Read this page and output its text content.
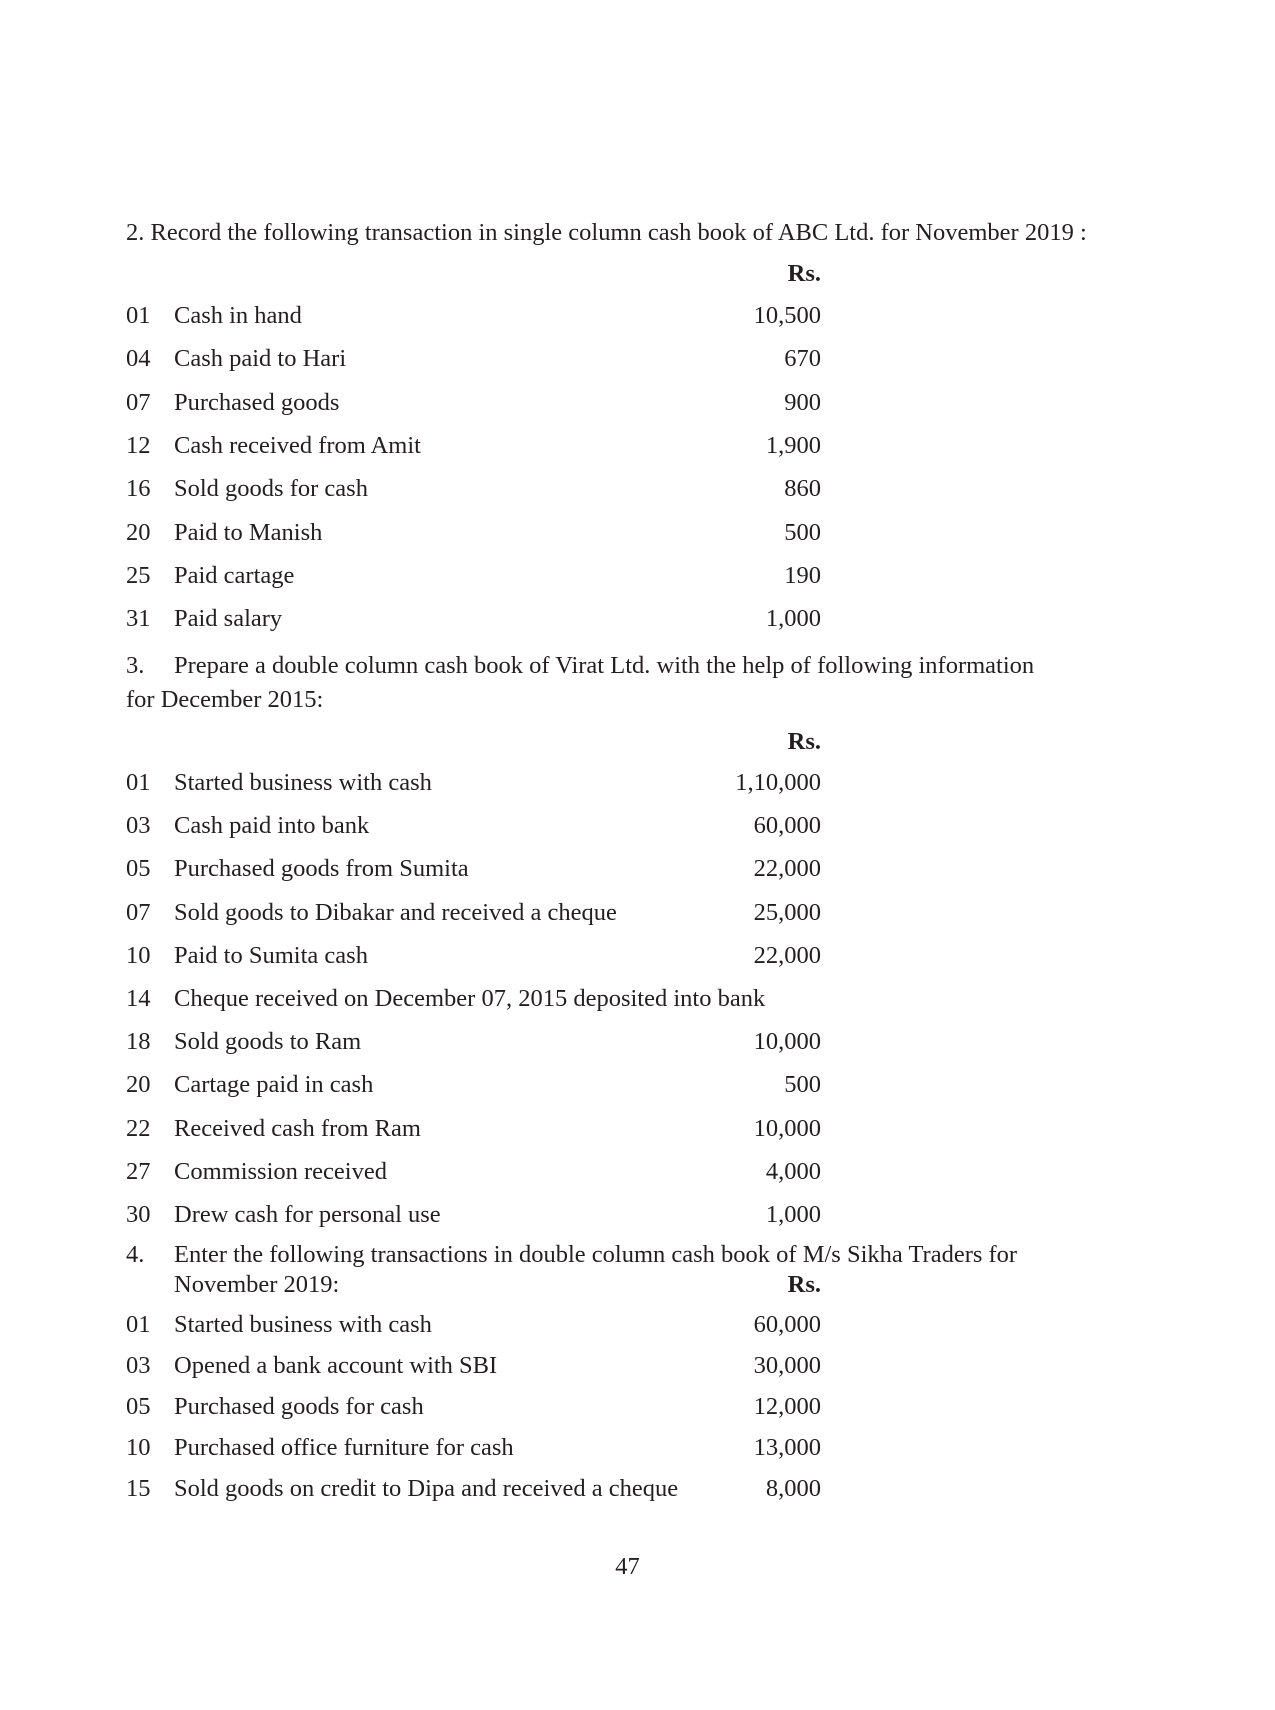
2. Record the following transaction in single column cash book of ABC Ltd. for November 2019 :
Rs.
01 Cash in hand	10,500
04 Cash paid to Hari	670
07 Purchased goods	900
12 Cash received from Amit	1,900
16 Sold goods for cash	860
20 Paid to Manish	500
25 Paid cartage	190
31 Paid salary	1,000
3. Prepare a double column cash book of Virat Ltd. with the help of following information
for December 2015:
Rs.
01 Started business with cash	1,10,000
03 Cash paid into bank	60,000
05 Purchased goods from Sumita	22,000
07 Sold goods to Dibakar and received a cheque	25,000
10 Paid to Sumita cash	22,000
14 Cheque received on December 07, 2015 deposited into bank
18 Sold goods to Ram	10,000
20 Cartage paid in cash	500
22 Received cash from Ram	10,000
27 Commission received	4,000
30 Drew cash for personal use	1,000
4. Enter the following transactions in double column cash book of M/s Sikha Traders for
November 2019:	Rs.
01 Started business with cash	60,000
03 Opened a bank account with SBI	30,000
05 Purchased goods for cash	12,000
10 Purchased office furniture for cash	13,000
15 Sold goods on credit to Dipa and received a cheque	8,000
47
